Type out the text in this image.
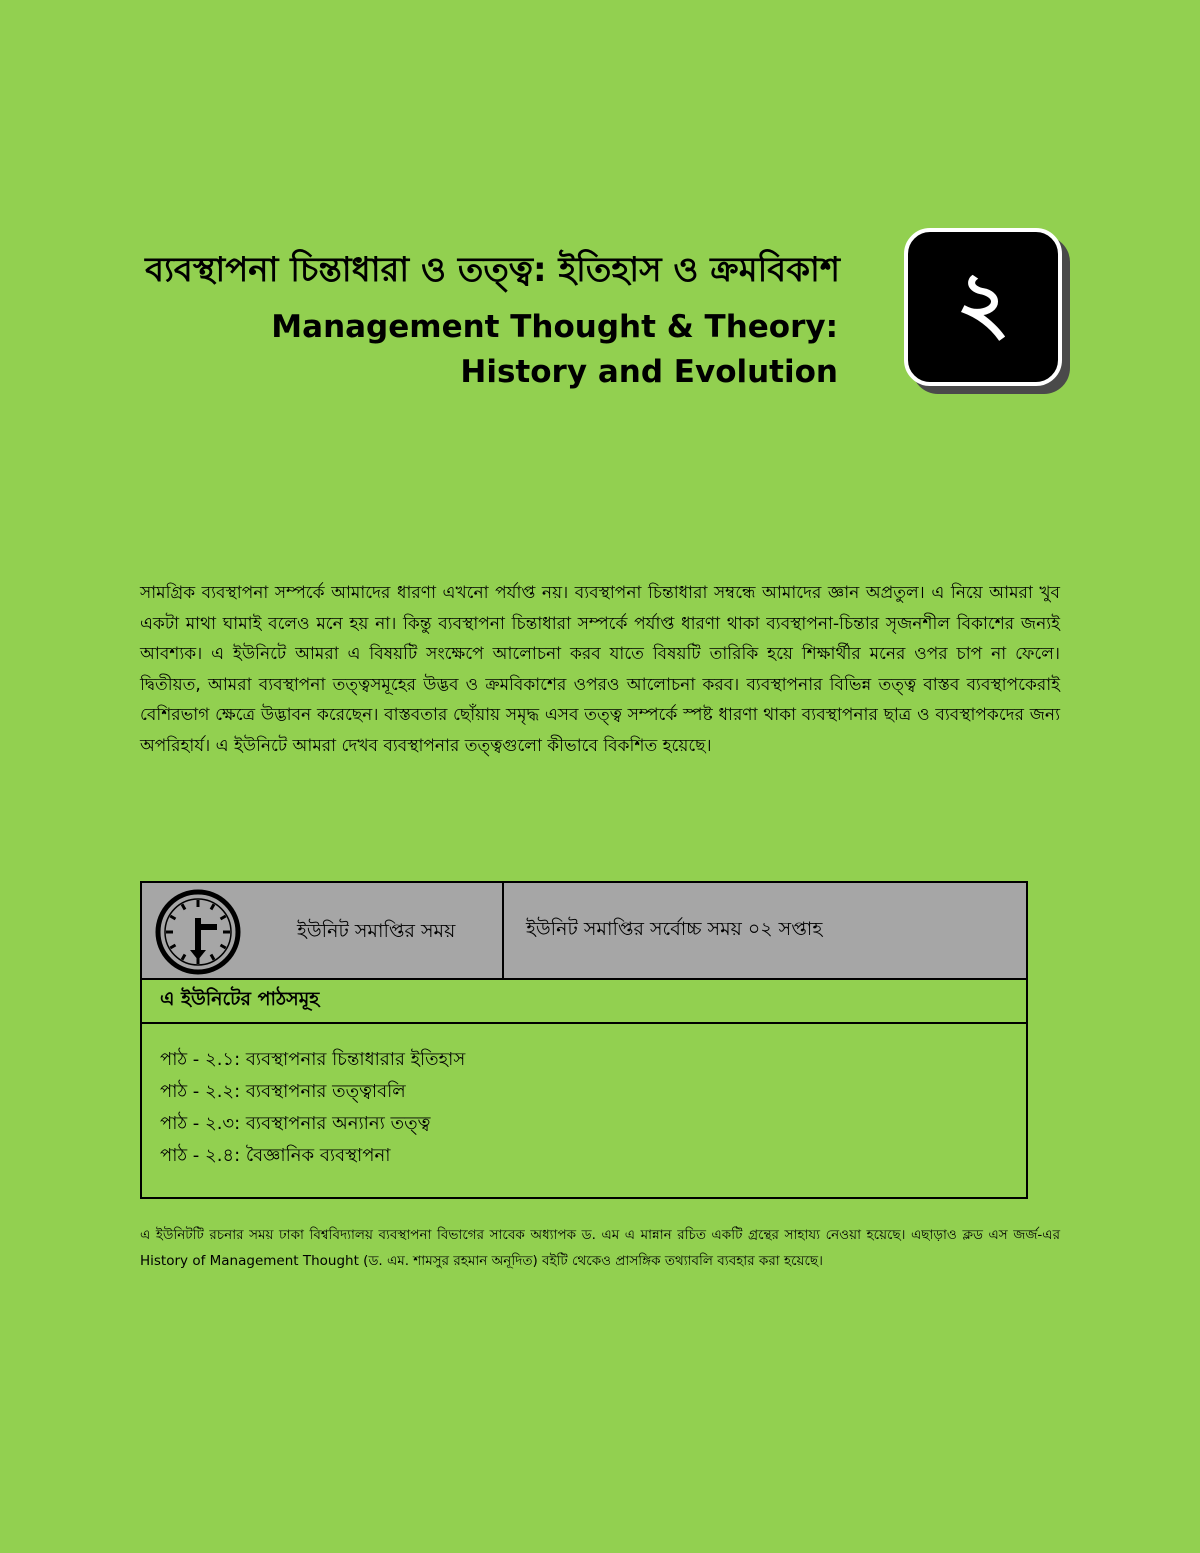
ব্যবস্থাপনা চিন্তাধারা ও তত্ত্ব: ইতিহাস ও ক্রমবিকাশ
Management Thought & Theory:
History and Evolution
২

সামগ্রিক ব্যবস্থাপনা সম্পর্কে আমাদের ধারণা এখনো পর্যাপ্ত নয়। ব্যবস্থাপনা চিন্তাধারা সম্বন্ধে আমাদের জ্ঞান অপ্রতুল। এ নিয়ে আমরা খুব একটা মাথা ঘামাই বলেও মনে হয় না। কিন্তু ব্যবস্থাপনা চিন্তাধারা সম্পর্কে পর্যাপ্ত ধারণা থাকা ব্যবস্থাপনা-চিন্তার সৃজনশীল বিকাশের জন্যই আবশ্যক। এ ইউনিটে আমরা এ বিষয়টি সংক্ষেপে আলোচনা করব যাতে বিষয়টি তারিকি হয়ে শিক্ষার্থীর মনের ওপর চাপ না ফেলে। দ্বিতীয়ত, আমরা ব্যবস্থাপনা তত্ত্বসমূহের উদ্ভব ও ক্রমবিকাশের ওপরও আলোচনা করব। ব্যবস্থাপনার বিভিন্ন তত্ত্ব বাস্তব ব্যবস্থাপকেরাই বেশিরভাগ ক্ষেত্রে উদ্ভাবন করেছেন। বাস্তবতার ছোঁয়ায় সমৃদ্ধ এসব তত্ত্ব সম্পর্কে স্পষ্ট ধারণা থাকা ব্যবস্থাপনার ছাত্র ও ব্যবস্থাপকদের জন্য অপরিহার্য। এ ইউনিটে আমরা দেখব ব্যবস্থাপনার তত্ত্বগুলো কীভাবে বিকশিত হয়েছে।

ইউনিট সমাপ্তির সময়	ইউনিট সমাপ্তির সর্বোচ্চ সময় ০২ সপ্তাহ
এ ইউনিটের পাঠসমূহ
পাঠ - ২.১: ব্যবস্থাপনার চিন্তাধারার ইতিহাস
পাঠ - ২.২: ব্যবস্থাপনার তত্ত্বাবলি
পাঠ - ২.৩: ব্যবস্থাপনার অন্যান্য তত্ত্ব
পাঠ - ২.৪: বৈজ্ঞানিক ব্যবস্থাপনা

এ ইউনিটটি রচনার সময় ঢাকা বিশ্ববিদ্যালয় ব্যবস্থাপনা বিভাগের সাবেক অধ্যাপক ড. এম এ মান্নান রচিত একটি গ্রন্থের সাহায্য নেওয়া হয়েছে। এছাড়াও ক্লড এস জর্জ-এর History of Management Thought (ড. এম. শামসুর রহমান অনূদিত) বইটি থেকেও প্রাসঙ্গিক তথ্যাবলি ব্যবহার করা হয়েছে।
